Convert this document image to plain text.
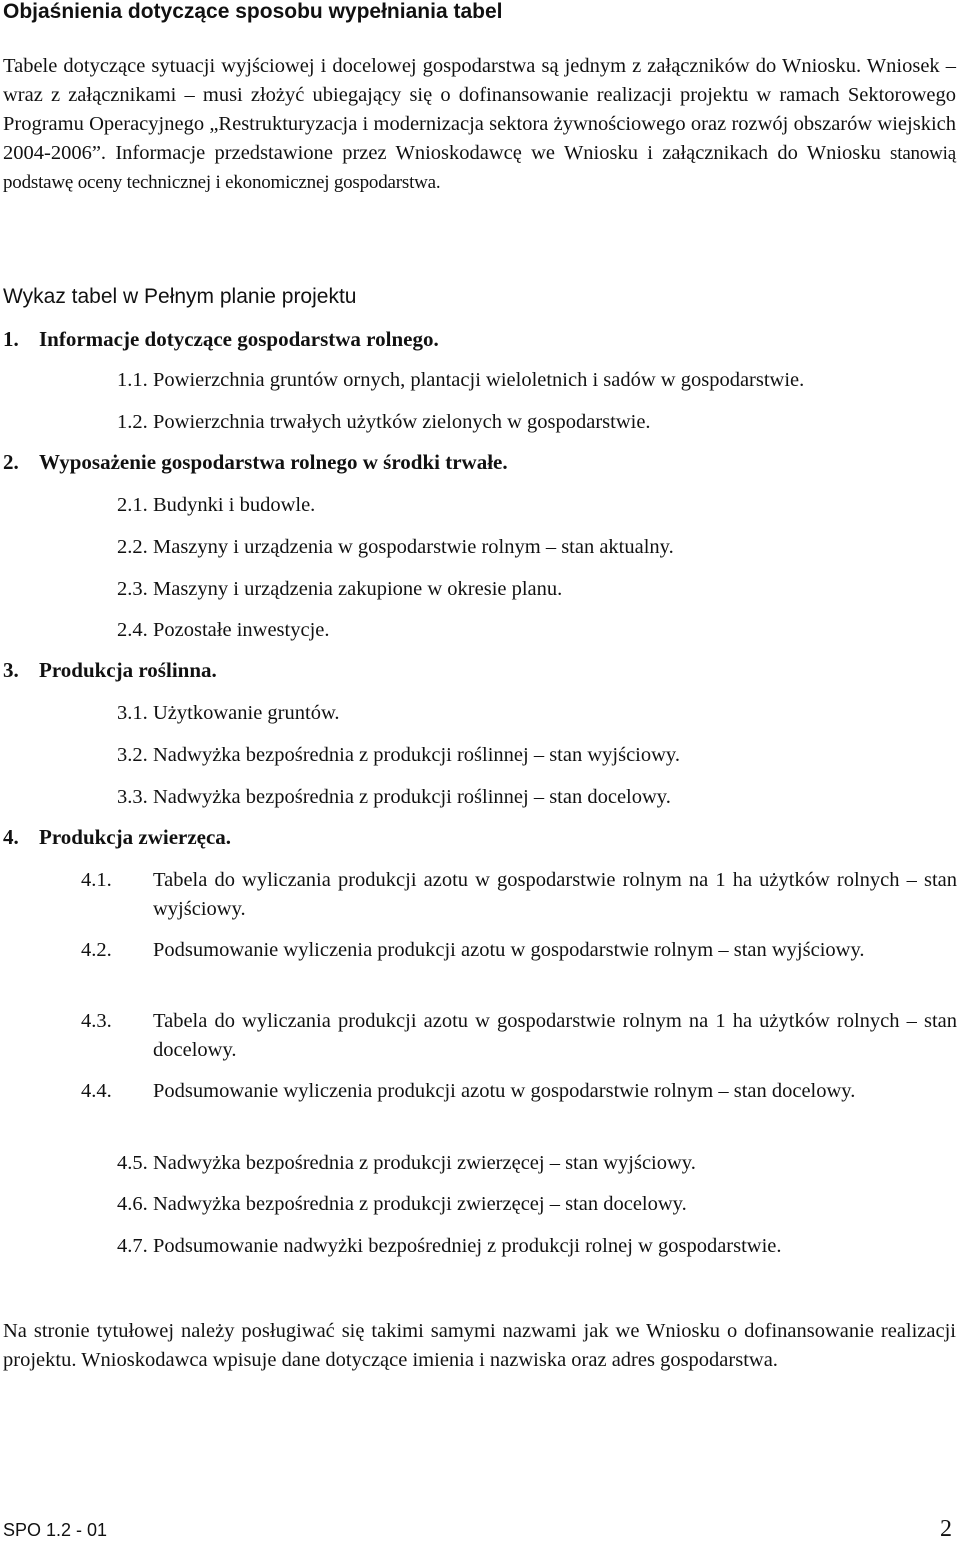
Objaśnienia dotyczące sposobu wypełniania tabel
Tabele dotyczące sytuacji wyjściowej i docelowej gospodarstwa są jednym z załączników do Wniosku. Wniosek – wraz z załącznikami – musi złożyć ubiegający się o dofinansowanie realizacji projektu w ramach Sektorowego Programu Operacyjnego „Restrukturyzacja i modernizacja sektora żywnościowego oraz rozwój obszarów wiejskich 2004-2006”. Informacje przedstawione przez Wnioskodawcę we Wniosku i załącznikach do Wniosku stanowią podstawę oceny technicznej i ekonomicznej gospodarstwa.
Wykaz tabel w Pełnym planie projektu
1. Informacje dotyczące gospodarstwa rolnego.
1.1. Powierzchnia gruntów ornych, plantacji wieloletnich i sadów w gospodarstwie.
1.2. Powierzchnia trwałych użytków zielonych w gospodarstwie.
2. Wyposażenie gospodarstwa rolnego w środki trwałe.
2.1. Budynki i budowle.
2.2. Maszyny i urządzenia w gospodarstwie rolnym – stan aktualny.
2.3. Maszyny i urządzenia zakupione w okresie planu.
2.4. Pozostałe inwestycje.
3. Produkcja roślinna.
3.1. Użytkowanie gruntów.
3.2. Nadwyżka bezpośrednia z produkcji roślinnej – stan wyjściowy.
3.3. Nadwyżka bezpośrednia z produkcji roślinnej – stan docelowy.
4. Produkcja zwierzęca.
4.1. Tabela do wyliczania produkcji azotu w gospodarstwie rolnym na 1 ha użytków rolnych – stan wyjściowy.
4.2. Podsumowanie wyliczenia produkcji azotu w gospodarstwie rolnym – stan wyjściowy.
4.3. Tabela do wyliczania produkcji azotu w gospodarstwie rolnym na 1 ha użytków rolnych – stan docelowy.
4.4. Podsumowanie wyliczenia produkcji azotu w gospodarstwie rolnym – stan docelowy.
4.5. Nadwyżka bezpośrednia z produkcji zwierzęcej – stan wyjściowy.
4.6. Nadwyżka bezpośrednia z produkcji zwierzęcej – stan docelowy.
4.7. Podsumowanie nadwyżki bezpośredniej z produkcji rolnej w gospodarstwie.
Na stronie tytułowej należy posługiwać się takimi samymi nazwami jak we Wniosku o dofinansowanie realizacji projektu. Wnioskodawca wpisuje dane dotyczące imienia i nazwiska oraz adres gospodarstwa.
SPO 1.2 - 01	2
